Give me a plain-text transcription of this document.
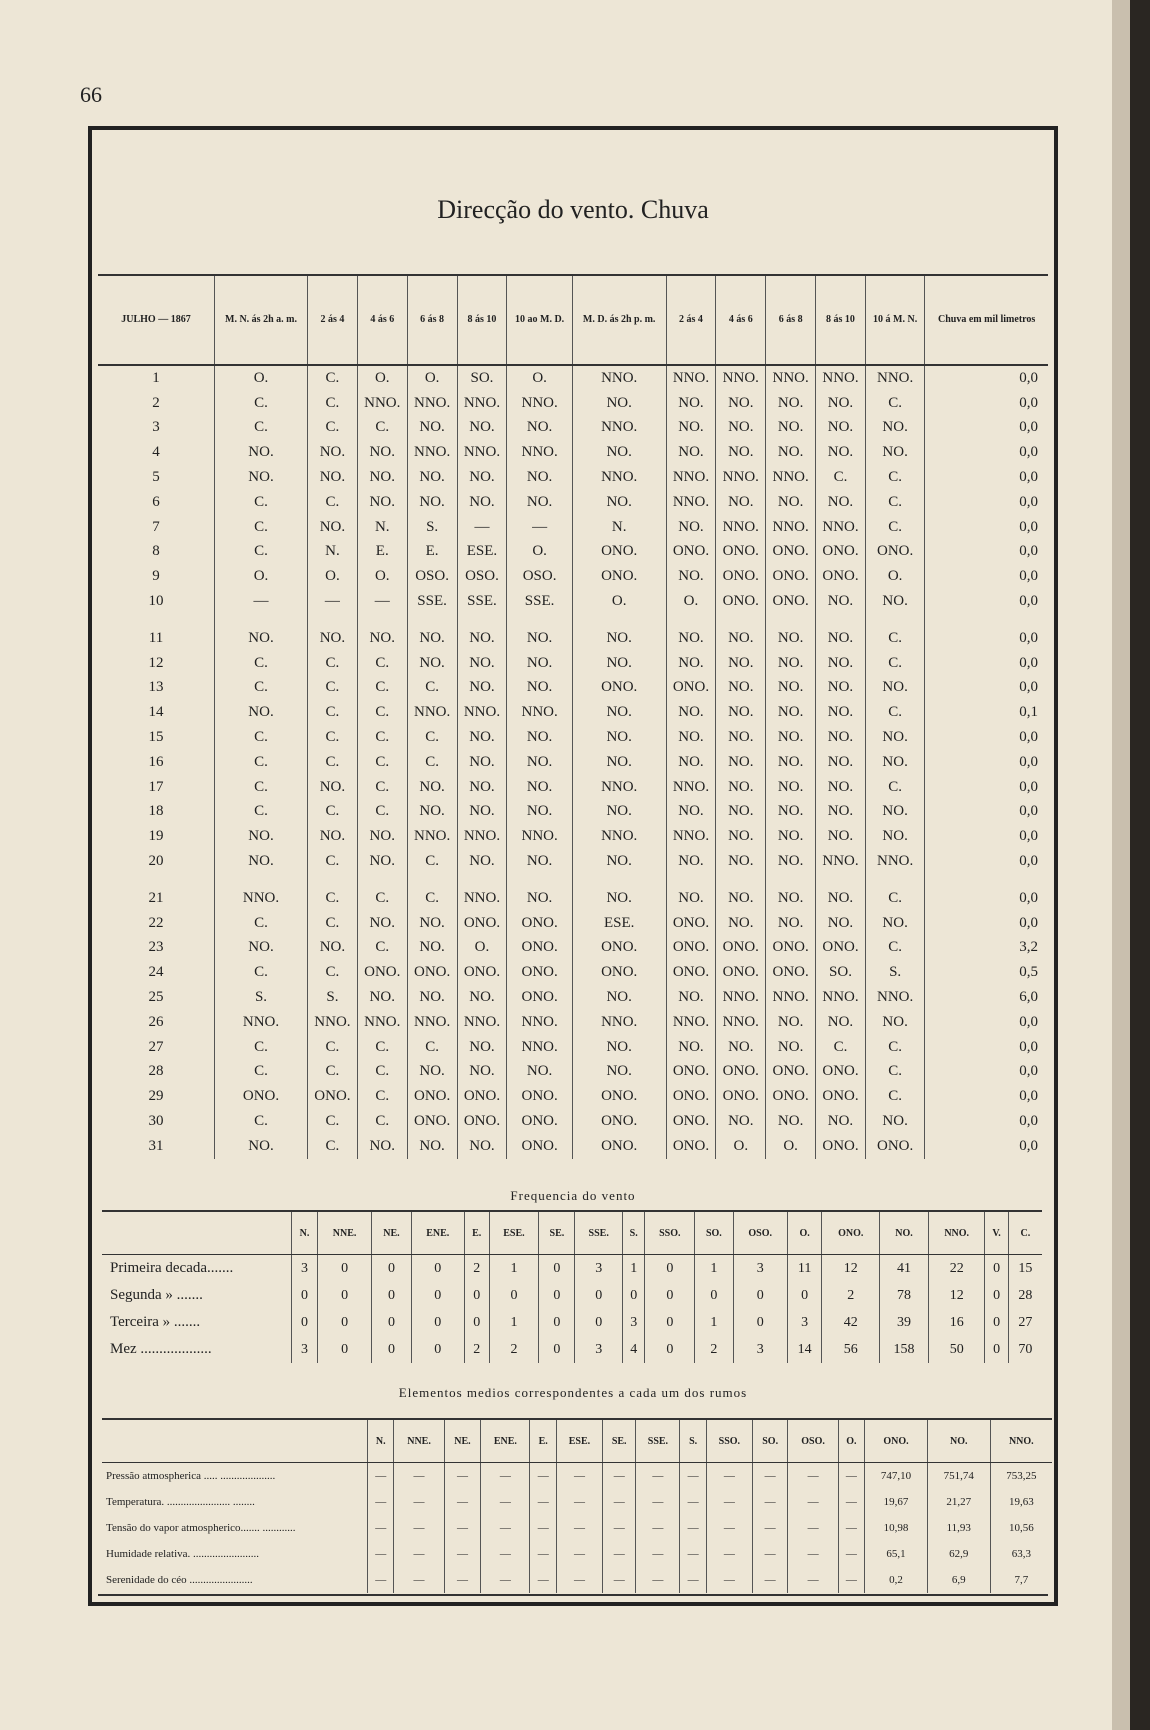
66
Direcção do vento. Chuva
JULHO — 1867	M. N. ás 2h a. m.	2 ás 4	4 ás 6	6 ás 8	8 ás 10	10 ao M. D.	M. D. ás 2h p. m.	2 ás 4	4 ás 6	6 ás 8	8 ás 10	10 á M. N.	Chuva em mil limetros
1	O.	C.	O.	O.	SO.	O.	NNO.	NNO.	NNO.	NNO.	NNO.	NNO.	0,0
2	C.	C.	NNO.	NNO.	NNO.	NNO.	NO.	NO.	NO.	NO.	NO.	C.	0,0
3	C.	C.	C.	NO.	NO.	NO.	NNO.	NO.	NO.	NO.	NO.	NO.	0,0
4	NO.	NO.	NO.	NNO.	NNO.	NNO.	NO.	NO.	NO.	NO.	NO.	NO.	0,0
5	NO.	NO.	NO.	NO.	NO.	NO.	NNO.	NNO.	NNO.	NNO.	C.	C.	0,0
6	C.	C.	NO.	NO.	NO.	NO.	NO.	NNO.	NO.	NO.	NO.	C.	0,0
7	C.	NO.	N.	S.	—	—	N.	NO.	NNO.	NNO.	NNO.	C.	0,0
8	C.	N.	E.	E.	ESE.	O.	ONO.	ONO.	ONO.	ONO.	ONO.	ONO.	0,0
9	O.	O.	O.	OSO.	OSO.	OSO.	ONO.	NO.	ONO.	ONO.	ONO.	O.	0,0
10	—	—	—	SSE.	SSE.	SSE.	O.	O.	ONO.	ONO.	NO.	NO.	0,0
11	NO.	NO.	NO.	NO.	NO.	NO.	NO.	NO.	NO.	NO.	NO.	C.	0,0
12	C.	C.	C.	NO.	NO.	NO.	NO.	NO.	NO.	NO.	NO.	C.	0,0
13	C.	C.	C.	C.	NO.	NO.	ONO.	ONO.	NO.	NO.	NO.	NO.	0,0
14	NO.	C.	C.	NNO.	NNO.	NNO.	NO.	NO.	NO.	NO.	NO.	C.	0,1
15	C.	C.	C.	C.	NO.	NO.	NO.	NO.	NO.	NO.	NO.	NO.	0,0
16	C.	C.	C.	C.	NO.	NO.	NO.	NO.	NO.	NO.	NO.	NO.	0,0
17	C.	NO.	C.	NO.	NO.	NO.	NNO.	NNO.	NO.	NO.	NO.	C.	0,0
18	C.	C.	C.	NO.	NO.	NO.	NO.	NO.	NO.	NO.	NO.	NO.	0,0
19	NO.	NO.	NO.	NNO.	NNO.	NNO.	NNO.	NNO.	NO.	NO.	NO.	NO.	0,0
20	NO.	C.	NO.	C.	NO.	NO.	NO.	NO.	NO.	NO.	NNO.	NNO.	0,0
21	NNO.	C.	C.	C.	NNO.	NO.	NO.	NO.	NO.	NO.	NO.	C.	0,0
22	C.	C.	NO.	NO.	ONO.	ONO.	ESE.	ONO.	NO.	NO.	NO.	NO.	0,0
23	NO.	NO.	C.	NO.	O.	ONO.	ONO.	ONO.	ONO.	ONO.	ONO.	C.	3,2
24	C.	C.	ONO.	ONO.	ONO.	ONO.	ONO.	ONO.	ONO.	ONO.	SO.	S.	0,5
25	S.	S.	NO.	NO.	NO.	ONO.	NO.	NO.	NNO.	NNO.	NNO.	NNO.	6,0
26	NNO.	NNO.	NNO.	NNO.	NNO.	NNO.	NNO.	NNO.	NNO.	NO.	NO.	NO.	0,0
27	C.	C.	C.	C.	NO.	NNO.	NO.	NO.	NO.	NO.	C.	C.	0,0
28	C.	C.	C.	NO.	NO.	NO.	NO.	ONO.	ONO.	ONO.	ONO.	C.	0,0
29	ONO.	ONO.	C.	ONO.	ONO.	ONO.	ONO.	ONO.	ONO.	ONO.	ONO.	C.	0,0
30	C.	C.	C.	ONO.	ONO.	ONO.	ONO.	ONO.	NO.	NO.	NO.	NO.	0,0
31	NO.	C.	NO.	NO.	NO.	ONO.	ONO.	ONO.	O.	O.	ONO.	ONO.	0,0
Frequencia do vento
	N.	NNE.	NE.	ENE.	E.	ESE.	SE.	SSE.	S.	SSO.	SO.	OSO.	O.	ONO.	NO.	NNO.	V.	C.
Primeira decada.......	3	0	0	0	2	1	0	3	1	0	1	3	11	12	41	22	0	15
Segunda » .......	0	0	0	0	0	0	0	0	0	0	0	0	0	2	78	12	0	28
Terceira » .......	0	0	0	0	0	1	0	0	3	0	1	0	3	42	39	16	0	27
Mez ...................	3	0	0	0	2	2	0	3	4	0	2	3	14	56	158	50	0	70
Elementos medios correspondentes a cada um dos rumos
	N.	NNE.	NE.	ENE.	E.	ESE.	SE.	SSE.	S.	SSO.	SO.	OSO.	O.	ONO.	NO.	NNO.
Pressão atmospherica ..... ....................	—	—	—	—	—	—	—	—	—	—	—	—	—	747,10	751,74	753,25
Temperatura. ....................... ........	—	—	—	—	—	—	—	—	—	—	—	—	—	19,67	21,27	19,63
Tensão do vapor atmospherico....... ............	—	—	—	—	—	—	—	—	—	—	—	—	—	10,98	11,93	10,56
Humidade relativa. ........................	—	—	—	—	—	—	—	—	—	—	—	—	—	65,1	62,9	63,3
Serenidade do céo .......................	—	—	—	—	—	—	—	—	—	—	—	—	—	0,2	6,9	7,7
